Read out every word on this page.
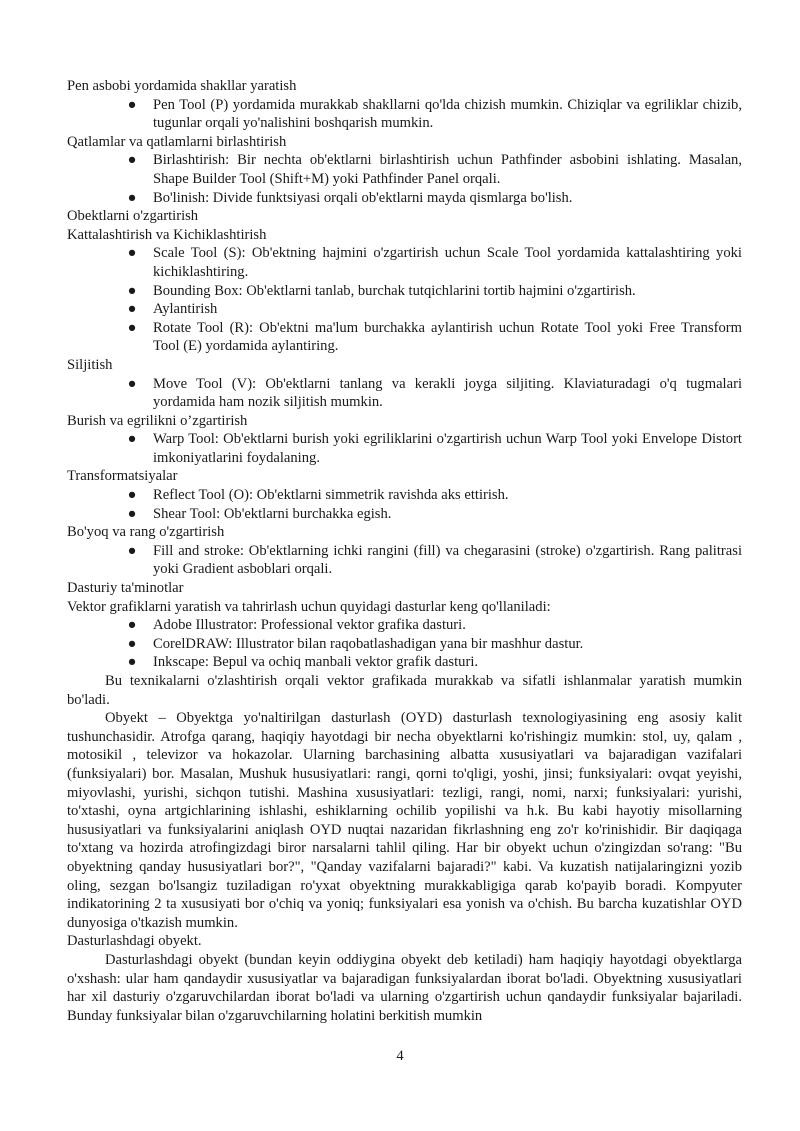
Pen asbobi yordamida shakllar yaratish

● Pen Tool (P) yordamida murakkab shakllarni qo'lda chizish mumkin. Chiziqlar va egriliklar chizib, tugunlar orqali yo'nalishini boshqarish mumkin.

Qatlamlar va qatlamlarni birlashtirish

● Birlashtirish: Bir nechta ob'ektlarni birlashtirish uchun Pathfinder asbobini ishlating. Masalan, Shape Builder Tool (Shift+M) yoki Pathfinder Panel orqali.
● Bo'linish: Divide funktsiyasi orqali ob'ektlarni mayda qismlarga bo'lish.

Obektlarni o'zgartirish

Kattalashtirish va Kichiklashtirish

● Scale Tool (S): Ob'ektning hajmini o'zgartirish uchun Scale Tool yordamida kattalashtiring yoki kichiklashtiring.
● Bounding Box: Ob'ektlarni tanlab, burchak tutqichlarini tortib hajmini o'zgartirish.
● Aylantirish
● Rotate Tool (R): Ob'ektni ma'lum burchakka aylantirish uchun Rotate Tool yoki Free Transform Tool (E) yordamida aylantiring.

Siljitish

● Move Tool (V): Ob'ektlarni tanlang va kerakli joyga siljiting. Klaviaturadagi o'q tugmalari yordamida ham nozik siljitish mumkin.

Burish va egrilikni o’zgartirish

● Warp Tool: Ob'ektlarni burish yoki egriliklarini o'zgartirish uchun Warp Tool yoki Envelope Distort imkoniyatlarini foydalaning.

Transformatsiyalar

● Reflect Tool (O): Ob'ektlarni simmetrik ravishda aks ettirish.
● Shear Tool: Ob'ektlarni burchakka egish.

Bo'yoq va rang o'zgartirish

● Fill and stroke: Ob'ektlarning ichki rangini (fill) va chegarasini (stroke) o'zgartirish. Rang palitrasi yoki Gradient asboblari orqali.

Dasturiy ta'minotlar

Vektor grafiklarni yaratish va tahrirlash uchun quyidagi dasturlar keng qo'llaniladi:

● Adobe Illustrator: Professional vektor grafika dasturi.
● CorelDRAW: Illustrator bilan raqobatlashadigan yana bir mashhur dastur.
● Inkscape: Bepul va ochiq manbali vektor grafik dasturi.

Bu texnikalarni o'zlashtirish orqali vektor grafikada murakkab va sifatli ishlanmalar yaratish mumkin bo'ladi.

Obyekt – Obyektga yo'naltirilgan dasturlash (OYD) dasturlash texnologiyasining eng asosiy kalit tushunchasidir. Atrofga qarang, haqiqiy hayotdagi bir necha obyektlarni ko'rishingiz mumkin: stol, uy, qalam , motosikil , televizor va hokazolar. Ularning barchasining albatta xususiyatlari va bajaradigan vazifalari (funksiyalari) bor. Masalan, Mushuk hususiyatlari: rangi, qorni to'qligi, yoshi, jinsi; funksiyalari: ovqat yeyishi, miyovlashi, yurishi, sichqon tutishi. Mashina xususiyatlari: tezligi, rangi, nomi, narxi; funksiyalari: yurishi, to'xtashi, oyna artgichlarining ishlashi, eshiklarning ochilib yopilishi va h.k. Bu kabi hayotiy misollarning hususiyatlari va funksiyalarini aniqlash OYD nuqtai nazaridan fikrlashning eng zo'r ko'rinishidir. Bir daqiqaga to'xtang va hozirda atrofingizdagi biror narsalarni tahlil qiling. Har bir obyekt uchun o'zingizdan so'rang: "Bu obyektning qanday hususiyatlari bor?", "Qanday vazifalarni bajaradi?" kabi. Va kuzatish natijalaringizni yozib oling, sezgan bo'lsangiz tuziladigan ro'yxat obyektning murakkabligiga qarab ko'payib boradi. Kompyuter indikatorining 2 ta xususiyati bor o'chiq va yoniq; funksiyalari esa yonish va o'chish. Bu barcha kuzatishlar OYD dunyosiga o'tkazish mumkin.

Dasturlashdagi obyekt.

Dasturlashdagi obyekt (bundan keyin oddiygina obyekt deb ketiladi) ham haqiqiy hayotdagi obyektlarga o'xshash: ular ham qandaydir xususiyatlar va bajaradigan funksiyalardan iborat bo'ladi. Obyektning xususiyatlari har xil dasturiy o'zgaruvchilardan iborat bo'ladi va ularning o'zgartirish uchun qandaydir funksiyalar bajariladi. Bunday funksiyalar bilan o'zgaruvchilarning holatini berkitish mumkin

4
